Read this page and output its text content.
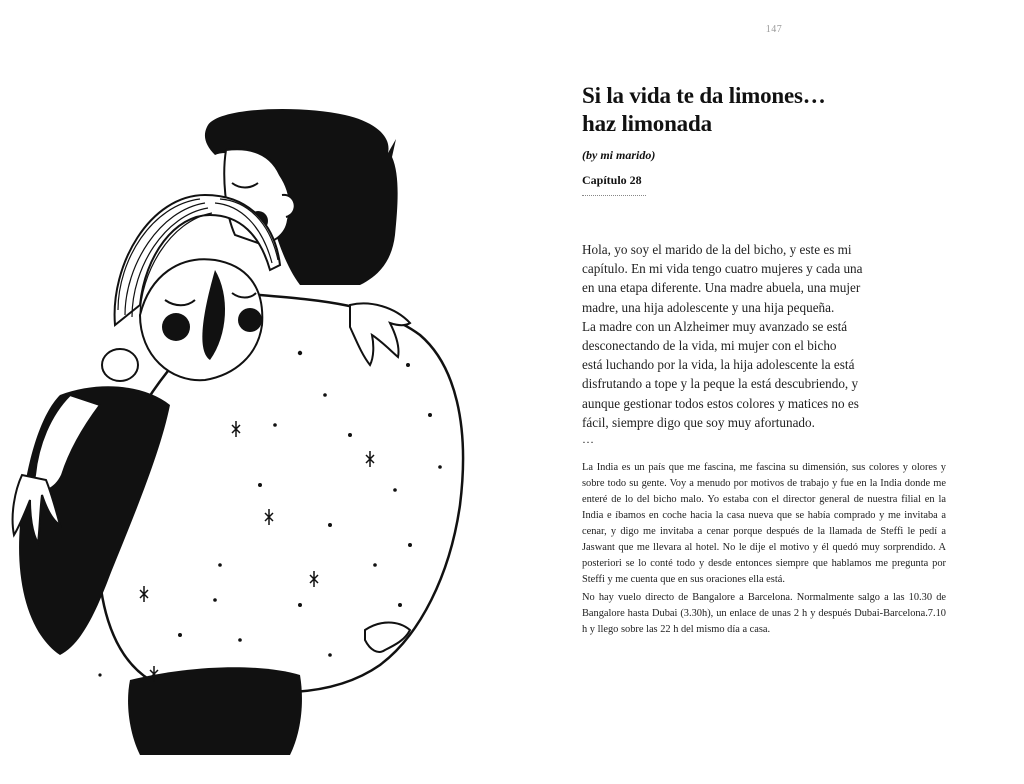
147
Si la vida te da limones…
haz limonada

(by mi marido)

Capítulo 28

Hola, yo soy el marido de la del bicho, y este es mi
capítulo. En mi vida tengo cuatro mujeres y cada una
en una etapa diferente. Una madre abuela, una mujer
madre, una hija adolescente y una hija pequeña.
La madre con un Alzheimer muy avanzado se está
desconectando de la vida, mi mujer con el bicho
está luchando por la vida, la hija adolescente la está
disfrutando a tope y la peque la está descubriendo, y
aunque gestionar todos estos colores y matices no es
fácil, siempre digo que soy muy afortunado.

…

La India es un país que me fascina, me fascina su dimensión, sus colores y olores y sobre todo su gente. Voy a menudo por motivos de trabajo y fue en la India donde me enteré de lo del bicho malo. Yo estaba con el director general de nuestra filial en la India e íbamos en coche hacia la casa nueva que se había comprado y me invitaba a cenar, y digo me invitaba a cenar porque después de la llamada de Steffi le pedí a Jaswant que me llevara al hotel. No le dije el motivo y él quedó muy sorprendido. A posteriori se lo conté todo y desde entonces siempre que hablamos me pregunta por Steffi y me cuenta que en sus oraciones ella está.

No hay vuelo directo de Bangalore a Barcelona. Normalmente salgo a las 10.30 de Bangalore hasta Dubai (3.30h), un enlace de unas 2 h y después Dubai-Barcelona.7.10 h y llego sobre las 22 h del mismo día a casa.
